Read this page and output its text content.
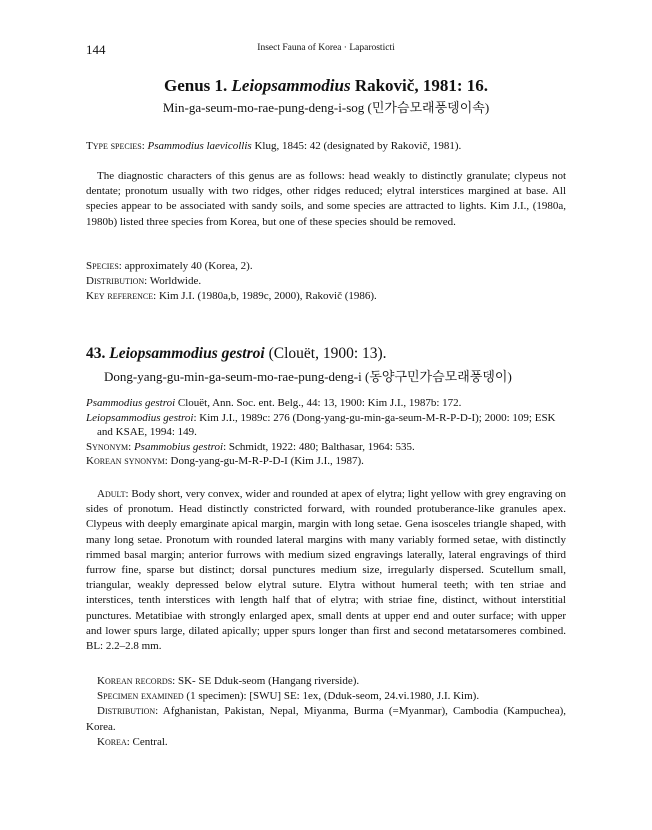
144	Insect Fauna of Korea · Laparosticti
Genus 1. Leiopsammodius Rakovič, 1981: 16.
Min-ga-seum-mo-rae-pung-deng-i-sog (민가슴모래풍뎅이속)
Type species: Psammodius laevicollis Klug, 1845: 42 (designated by Rakovič, 1981).
The diagnostic characters of this genus are as follows: head weakly to distinctly granulate; clypeus not dentate; pronotum usually with two ridges, other ridges reduced; elytral interstices margined at base. All species appear to be associated with sandy soils, and some species are attracted to lights. Kim J.I., (1980a, 1980b) listed three species from Korea, but one of these species should be removed.
Species: approximately 40 (Korea, 2).
Distribution: Worldwide.
Key reference: Kim J.I. (1980a,b, 1989c, 2000), Rakovič (1986).
43. Leiopsammodius gestroi (Clouët, 1900: 13).
Dong-yang-gu-min-ga-seum-mo-rae-pung-deng-i (동양구민가슴모래풍뎅이)
Psammodius gestroi Clouët, Ann. Soc. ent. Belg., 44: 13, 1900: Kim J.I., 1987b: 172.
Leiopsammodius gestroi: Kim J.I., 1989c: 276 (Dong-yang-gu-min-ga-seum-M-R-P-D-I); 2000: 109; ESK and KSAE, 1994: 149.
Synonym: Psammobius gestroi: Schmidt, 1922: 480; Balthasar, 1964: 535.
Korean synonym: Dong-yang-gu-M-R-P-D-I (Kim J.I., 1987).
Adult: Body short, very convex, wider and rounded at apex of elytra; light yellow with grey engraving on sides of pronotum. Head distinctly constricted forward, with rounded protuberance-like granules apex. Clypeus with deeply emarginate apical margin, margin with long setae. Gena isosceles triangle shaped, with many long setae. Pronotum with rounded lateral margins with many variably formed setae, with distinctly rimmed basal margin; anterior furrows with medium sized engravings laterally, lateral engravings of third furrow fine, sparse but distinct; dorsal punctures medium size, irregularly dispersed. Scutellum small, triangular, weakly depressed below elytral suture. Elytra without humeral teeth; with ten striae and interstices, tenth interstices with length half that of elytra; with striae fine, distinct, without interstitial punctures. Metatibiae with strongly enlarged apex, small dents at upper end and outer surface; with upper and lower spurs large, dilated apically; upper spurs longer than first and second metatarsomeres combined. BL: 2.2–2.8 mm.
Korean records: SK- SE Dduk-seom (Hangang riverside).
Specimen examined (1 specimen): [SWU] SE: 1ex, (Dduk-seom, 24.vi.1980, J.I. Kim).
Distribution: Afghanistan, Pakistan, Nepal, Miyanma, Burma (=Myanmar), Cambodia (Kampuchea), Korea.
Korea: Central.
